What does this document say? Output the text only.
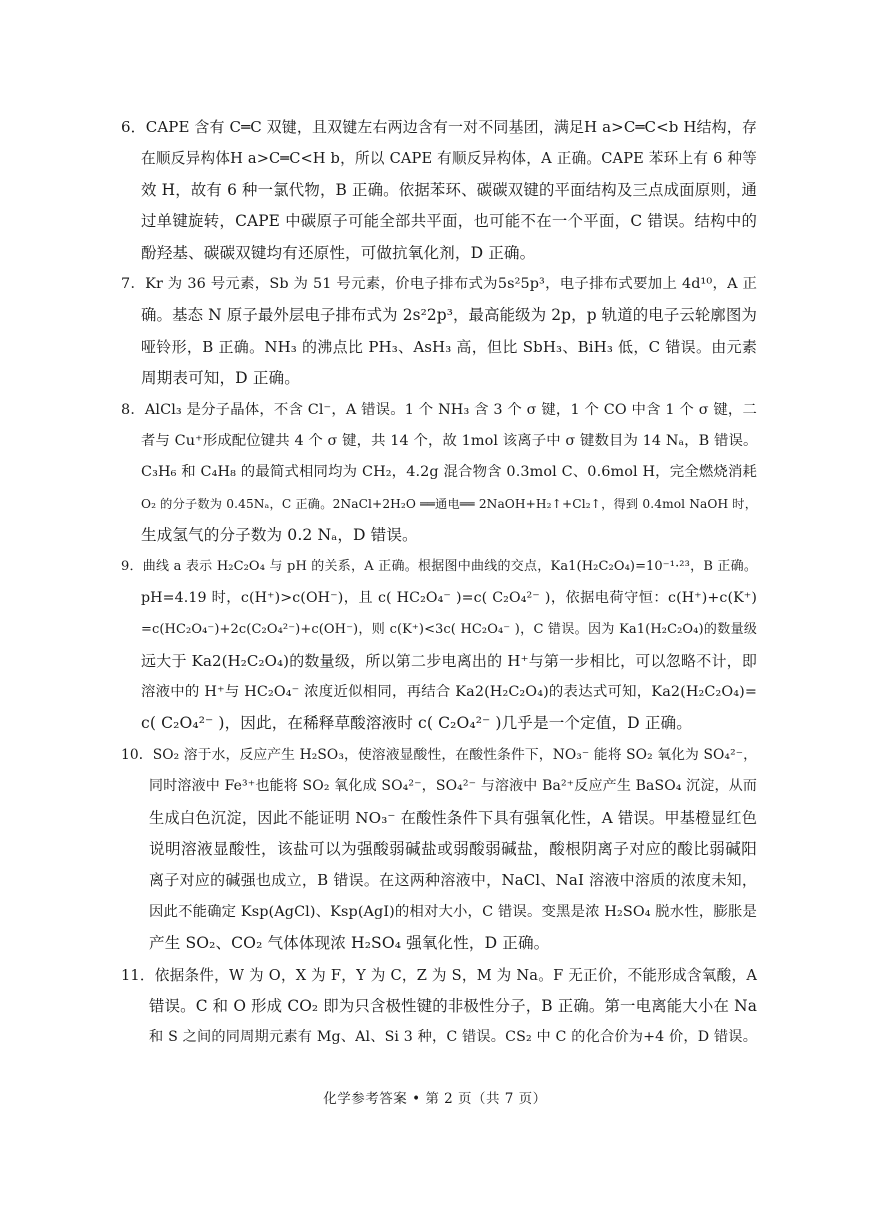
6．CAPE 含有 C═C 双键，且双键左右两边含有一对不同基团，满足H a>C═C<b H结构，存
在顺反异构体H a>C═C<H b，所以 CAPE 有顺反异构体，A 正确。CAPE 苯环上有 6 种等
效 H，故有 6 种一氯代物，B 正确。依据苯环、碳碳双键的平面结构及三点成面原则，通
过单键旋转，CAPE 中碳原子可能全部共平面，也可能不在一个平面，C 错误。结构中的
酚羟基、碳碳双键均有还原性，可做抗氧化剂，D 正确。
7．Kr 为 36 号元素，Sb 为 51 号元素，价电子排布式为5s²5p³，电子排布式要加上 4d¹⁰，A 正
确。基态 N 原子最外层电子排布式为 2s²2p³，最高能级为 2p，p 轨道的电子云轮廓图为
哑铃形，B 正确。NH₃ 的沸点比 PH₃、AsH₃ 高，但比 SbH₃、BiH₃ 低，C 错误。由元素
周期表可知，D 正确。
8．AlCl₃ 是分子晶体，不含 Cl⁻，A 错误。1 个 NH₃ 含 3 个 σ 键，1 个 CO 中含 1 个 σ 键，二
者与 Cu⁺形成配位键共 4 个 σ 键，共 14 个，故 1mol 该离子中 σ 键数目为 14 Nₐ，B 错误。
C₃H₆ 和 C₄H₈ 的最简式相同均为 CH₂，4.2g 混合物含 0.3mol C、0.6mol H，完全燃烧消耗
O₂ 的分子数为 0.45Nₐ，C 正确。2NaCl+2H₂O ══通电══ 2NaOH+H₂↑+Cl₂↑，得到 0.4mol NaOH 时，
生成氢气的分子数为 0.2 Nₐ，D 错误。
9．曲线 a 表示 H₂C₂O₄ 与 pH 的关系，A 正确。根据图中曲线的交点，Ka1(H₂C₂O₄)=10⁻¹·²³，B 正确。
pH=4.19 时，c(H⁺)>c(OH⁻)，且 c( HC₂O₄⁻ )=c( C₂O₄²⁻ )，依据电荷守恒：c(H⁺)+c(K⁺)
=c(HC₂O₄⁻)+2c(C₂O₄²⁻)+c(OH⁻)，则 c(K⁺)<3c( HC₂O₄⁻ )，C 错误。因为 Ka1(H₂C₂O₄)的数量级
远大于 Ka2(H₂C₂O₄)的数量级，所以第二步电离出的 H⁺与第一步相比，可以忽略不计，即
溶液中的 H⁺与 HC₂O₄⁻ 浓度近似相同，再结合 Ka2(H₂C₂O₄)的表达式可知，Ka2(H₂C₂O₄)=
c( C₂O₄²⁻ )，因此，在稀释草酸溶液时 c( C₂O₄²⁻ )几乎是一个定值，D 正确。
10．SO₂ 溶于水，反应产生 H₂SO₃，使溶液显酸性，在酸性条件下，NO₃⁻ 能将 SO₂ 氧化为 SO₄²⁻，
同时溶液中 Fe³⁺也能将 SO₂ 氧化成 SO₄²⁻，SO₄²⁻ 与溶液中 Ba²⁺反应产生 BaSO₄ 沉淀，从而
生成白色沉淀，因此不能证明 NO₃⁻ 在酸性条件下具有强氧化性，A 错误。甲基橙显红色
说明溶液显酸性，该盐可以为强酸弱碱盐或弱酸弱碱盐，酸根阴离子对应的酸比弱碱阳
离子对应的碱强也成立，B 错误。在这两种溶液中，NaCl、NaI 溶液中溶质的浓度未知，
因此不能确定 Ksp(AgCl)、Ksp(AgI)的相对大小，C 错误。变黑是浓 H₂SO₄ 脱水性，膨胀是
产生 SO₂、CO₂ 气体体现浓 H₂SO₄ 强氧化性，D 正确。
11．依据条件，W 为 O，X 为 F，Y 为 C，Z 为 S，M 为 Na。F 无正价，不能形成含氧酸，A
错误。C 和 O 形成 CO₂ 即为只含极性键的非极性分子，B 正确。第一电离能大小在 Na
和 S 之间的同周期元素有 Mg、Al、Si 3 种，C 错误。CS₂ 中 C 的化合价为+4 价，D 错误。
化学参考答案 • 第 2 页（共 7 页）
